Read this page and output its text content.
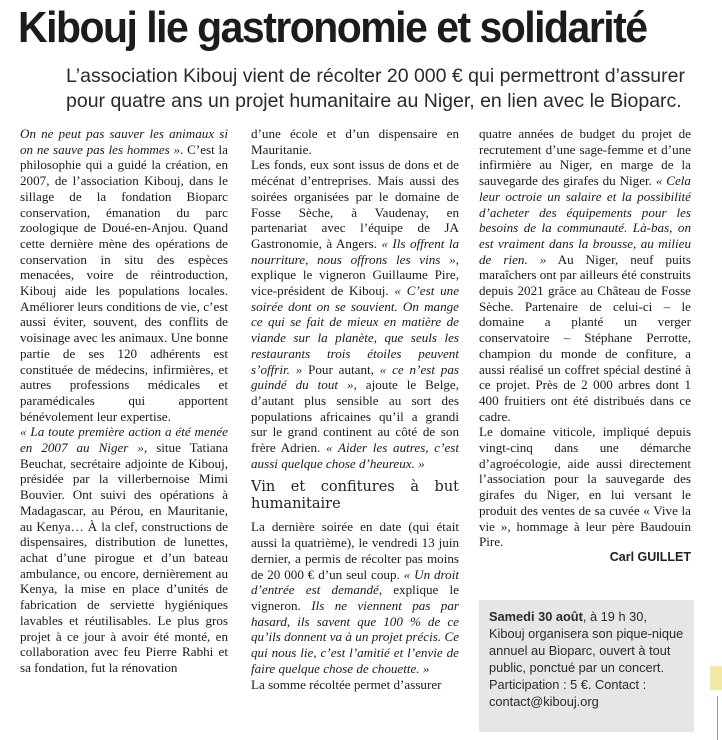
Kibouj lie gastronomie et solidarité

L’association Kibouj vient de récolter 20 000 € qui permettront d’assurer pour quatre ans un projet humanitaire au Niger, en lien avec le Bioparc.

On ne peut pas sauver les animaux si on ne sauve pas les hommes ». C’est la philosophie qui a guidé la création, en 2007, de l’association Kibouj, dans le sillage de la fondation Bioparc conservation, émanation du parc zoologique de Doué-en-Anjou. Quand cette dernière mène des opérations de conservation in situ des espèces menacées, voire de réintroduction, Kibouj aide les populations locales. Améliorer leurs conditions de vie, c’est aussi éviter, souvent, des conflits de voisinage avec les animaux. Une bonne partie de ses 120 adhérents est constituée de médecins, infirmières, et autres professions médicales et paramédicales qui apportent bénévolement leur expertise.

« La toute première action a été menée en 2007 au Niger », situe Tatiana Beuchat, secrétaire adjointe de Kibouj, présidée par la villerbernoise Mimi Bouvier. Ont suivi des opérations à Madagascar, au Pérou, en Mauritanie, au Kenya… À la clef, constructions de dispensaires, distribution de lunettes, achat d’une pirogue et d’un bateau ambulance, ou encore, dernièrement au Kenya, la mise en place d’unités de fabrication de serviette hygiéniques lavables et réutilisables. Le plus gros projet à ce jour à avoir été monté, en collaboration avec feu Pierre Rabhi et sa fondation, fut la rénovation

d’une école et d’un dispensaire en Mauritanie.

Les fonds, eux sont issus de dons et de mécénat d’entreprises. Mais aussi des soirées organisées par le domaine de Fosse Sèche, à Vaudenay, en partenariat avec l’équipe de JA Gastronomie, à Angers. « Ils offrent la nourriture, nous offrons les vins », explique le vigneron Guillaume Pire, vice-président de Kibouj. « C’est une soirée dont on se souvient. On mange ce qui se fait de mieux en matière de viande sur la planète, que seuls les restaurants trois étoiles peuvent s’offrir. » Pour autant, « ce n’est pas guindé du tout », ajoute le Belge, d’autant plus sensible au sort des populations africaines qu’il a grandi sur le grand continent au côté de son frère Adrien. « Aider les autres, c’est aussi quelque chose d’heureux. »

Vin et confitures à but humanitaire

La dernière soirée en date (qui était aussi la quatrième), le vendredi 13 juin dernier, a permis de récolter pas moins de 20 000 € d’un seul coup. « Un droit d’entrée est demandé, explique le vigneron. Ils ne viennent pas par hasard, ils savent que 100 % de ce qu’ils donnent va à un projet précis. Ce qui nous lie, c’est l’amitié et l’envie de faire quelque chose de chouette. »

La somme récoltée permet d’assurer

quatre années de budget du projet de recrutement d’une sage-femme et d’une infirmière au Niger, en marge de la sauvegarde des girafes du Niger. « Cela leur octroie un salaire et la possibilité d’acheter des équipements pour les besoins de la communauté. Là-bas, on est vraiment dans la brousse, au milieu de rien. » Au Niger, neuf puits maraîchers ont par ailleurs été construits depuis 2021 grâce au Château de Fosse Sèche. Partenaire de celui-ci – le domaine a planté un verger conservatoire – Stéphane Perrotte, champion du monde de confiture, a aussi réalisé un coffret spécial destiné à ce projet. Près de 2 000 arbres dont 1 400 fruitiers ont été distribués dans ce cadre.

Le domaine viticole, impliqué depuis vingt-cinq dans une démarche d’agroécologie, aide aussi directement l’association pour la sauvegarde des girafes du Niger, en lui versant le produit des ventes de sa cuvée « Vive la vie », hommage à leur père Baudouin Pire.

Carl GUILLET

Samedi 30 août, à 19 h 30, Kibouj organisera son pique-nique annuel au Bioparc, ouvert à tout public, ponctué par un concert. Participation : 5 €. Contact : contact@kibouj.org
